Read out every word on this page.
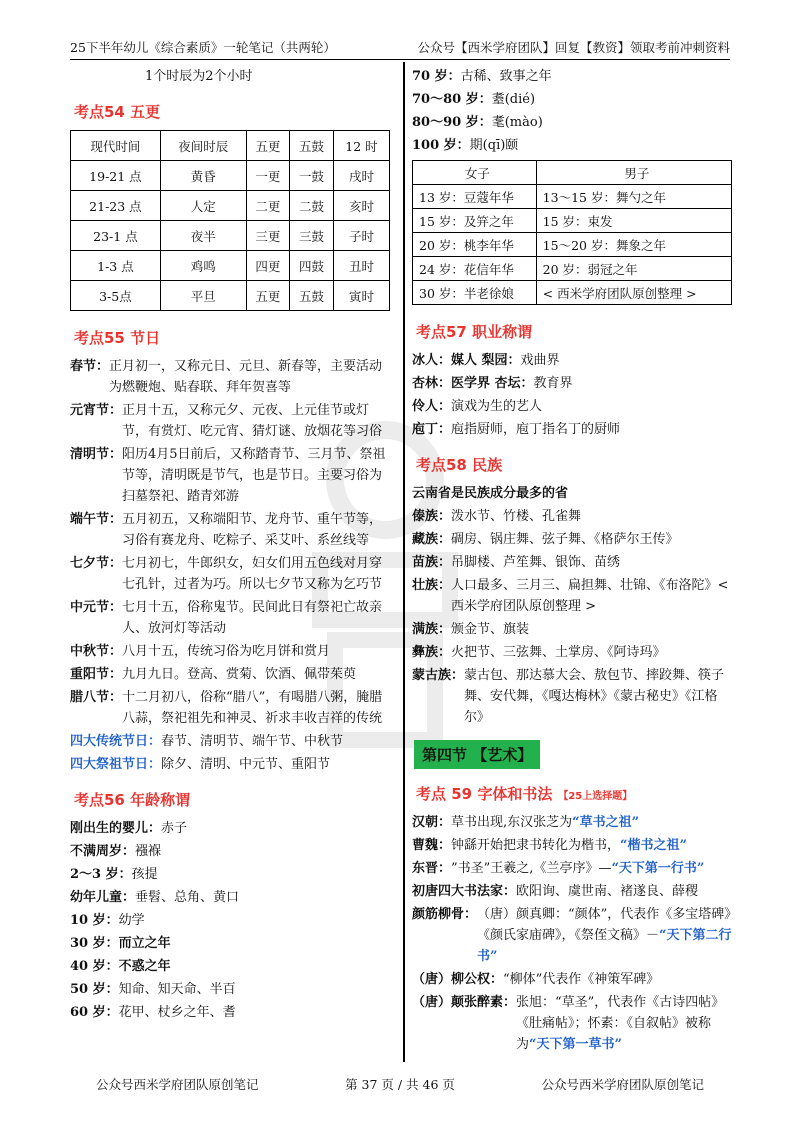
25下半年幼儿《综合素质》一轮笔记（共两轮）	公众号【西米学府团队】回复【教资】领取考前冲刺资料
1个时辰为2个小时
考点54 五更
现代时间	夜间时辰	五更	五鼓	12 时
19-21 点	黄昏	一更	一鼓	戌时
21-23 点	人定	二更	二鼓	亥时
23-1 点	夜半	三更	三鼓	子时
1-3 点	鸡鸣	四更	四鼓	丑时
3-5点	平旦	五更	五鼓	寅时
考点55 节日
春节： 正月初一，又称元日、元旦、新春等，主要活动为燃鞭炮、贴春联、拜年贺喜等
元宵节： 正月十五，又称元夕、元夜、上元佳节或灯节，有赏灯、吃元宵、猜灯谜、放烟花等习俗
清明节： 阳历4月5日前后，又称踏青节、三月节、祭祖节等，清明既是节气，也是节日。主要习俗为扫墓祭祀、踏青郊游
端午节： 五月初五，又称端阳节、龙舟节、重午节等，习俗有赛龙舟、吃粽子、采艾叶、系丝线等
七夕节： 七月初七，牛郎织女，妇女们用五色线对月穿七孔针，过者为巧。所以七夕节又称为乞巧节
中元节： 七月十五，俗称鬼节。民间此日有祭祀亡故亲人、放河灯等活动
中秋节： 八月十五，传统习俗为吃月饼和赏月
重阳节： 九月九日。登高、赏菊、饮酒、佩带茱萸
腊八节： 十二月初八，俗称“腊八”，有喝腊八粥，腌腊八蒜，祭祀祖先和神灵、祈求丰收吉祥的传统
四大传统节日： 春节、清明节、端午节、中秋节
四大祭祖节日： 除夕、清明、中元节、重阳节
考点56 年龄称谓
刚出生的婴儿： 赤子
不满周岁： 襁褓
2～3 岁： 孩提
幼年儿童： 垂髫、总角、黄口
10 岁： 幼学
30 岁： 而立之年
40 岁： 不惑之年
50 岁： 知命、知天命、半百
60 岁： 花甲、杖乡之年、耆
70 岁： 古稀、致事之年
70～80 岁： 耋(dié)
80～90 岁： 耄(mào)
100 岁： 期(qī)颐
女子	男子
13 岁：豆蔻年华	13～15 岁：舞勺之年
15 岁：及笄之年	15 岁：束发
20 岁：桃李年华	15～20 岁：舞象之年
24 岁：花信年华	20 岁：弱冠之年
30 岁：半老徐娘	< 西米学府团队原创整理 >
考点57 职业称谓
冰人： 媒人 梨园： 戏曲界
杏林： 医学界 杏坛： 教育界
伶人： 演戏为生的艺人
庖丁： 庖指厨师，庖丁指名丁的厨师
考点58 民族
云南省是民族成分最多的省
傣族： 泼水节、竹楼、孔雀舞
藏族： 碉房、锅庄舞、弦子舞、《格萨尔王传》
苗族： 吊脚楼、芦笙舞、银饰、苗绣
壮族： 人口最多、三月三、扁担舞、壮锦、《布洛陀》< 西米学府团队原创整理 >
满族： 颁金节、旗装
彝族： 火把节、三弦舞、土掌房、《阿诗玛》
蒙古族： 蒙古包、那达慕大会、敖包节、摔跤舞、筷子舞、安代舞，《嘎达梅林》《蒙古秘史》《江格尔》
第四节 【艺术】
考点 59 字体和书法 【25上选择题】
汉朝： 草书出现,东汉张芝为“草书之祖”
曹魏： 钟繇开始把隶书转化为楷书，“楷书之祖”
东晋： ”书圣”王羲之,《兰亭序》—“天下第一行书”
初唐四大书法家： 欧阳询、虞世南、褚遂良、薛稷
颜筋柳骨： （唐）颜真卿：“颜体”，代表作《多宝塔碑》《颜氏家庙碑》，《祭侄文稿》－“天下第二行书”
（唐）柳公权： “柳体”代表作《神策军碑》
（唐）颠张醉素： 张旭：“草圣”，代表作《古诗四帖》《肚痛帖》；怀素：《自叙帖》被称为“天下第一草书”
公众号西米学府团队原创笔记	第 37 页 / 共 46 页	公众号西米学府团队原创笔记
